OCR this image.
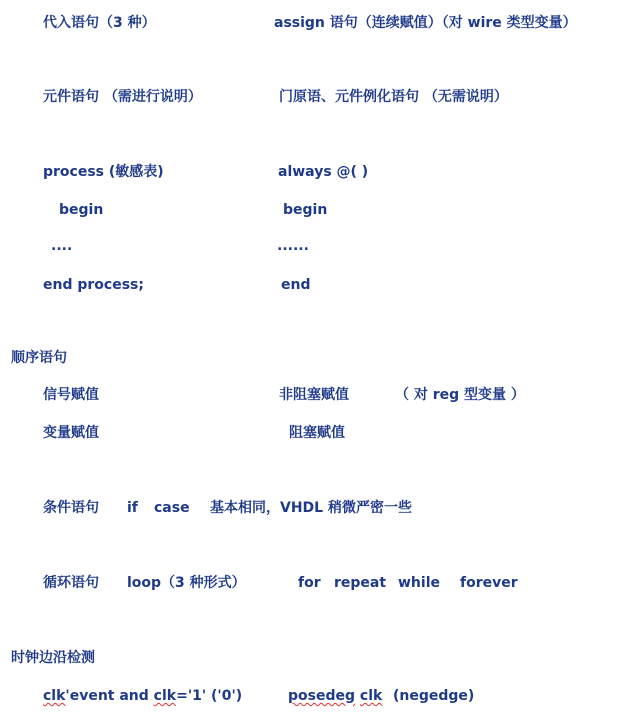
代入语句（3 种）	assign 语句（连续赋值）（对 wire 类型变量）
元件语句 （需进行说明）	门原语、元件例化语句 （无需说明）
process (敏感表)	always @( )
begin	begin
....	......
end process;	end
顺序语句
信号赋值	非阻塞赋值	（ 对 reg 型变量 ）
变量赋值	阻塞赋值
条件语句 if case 基本相同，VHDL 稍微严密一些
循环语句 loop（3 种形式）	for repeat while forever
时钟边沿检测
clk'event and clk='1' ('0')	posedeg clk (negedge)
